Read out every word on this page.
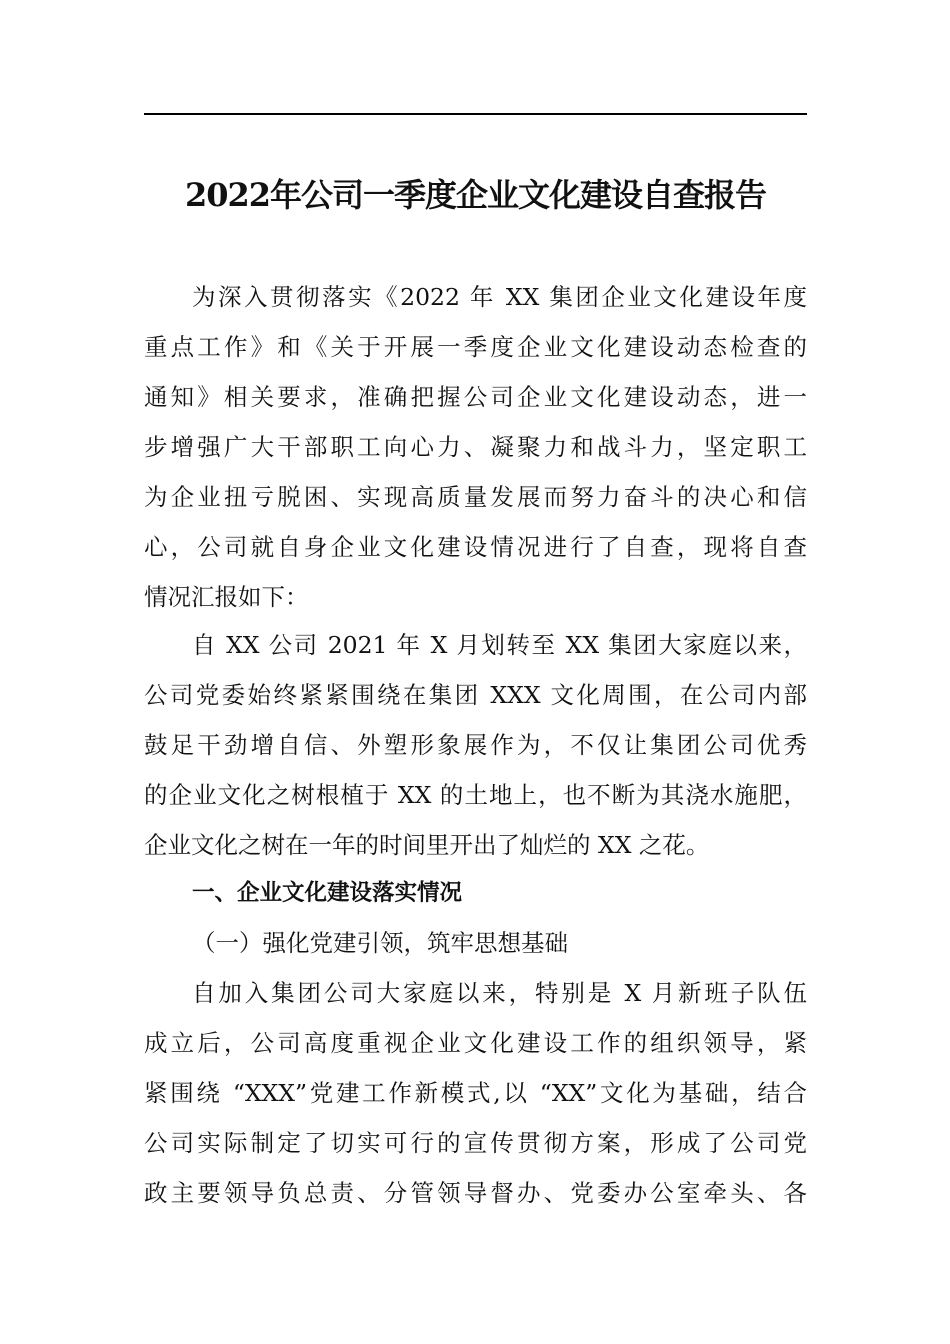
2022年公司一季度企业文化建设自查报告
为深入贯彻落实《2022 年 XX 集团企业文化建设年度
重点工作》和《关于开展一季度企业文化建设动态检查的
通知》相关要求，准确把握公司企业文化建设动态，进一
步增强广大干部职工向心力、凝聚力和战斗力，坚定职工
为企业扭亏脱困、实现高质量发展而努力奋斗的决心和信
心，公司就自身企业文化建设情况进行了自查，现将自查
情况汇报如下：
自 XX 公司 2021 年 X 月划转至 XX 集团大家庭以来，
公司党委始终紧紧围绕在集团 XXX 文化周围，在公司内部
鼓足干劲增自信、外塑形象展作为，不仅让集团公司优秀
的企业文化之树根植于 XX 的土地上，也不断为其浇水施肥，
企业文化之树在一年的时间里开出了灿烂的 XX 之花。
一、企业文化建设落实情况
（一）强化党建引领，筑牢思想基础
自加入集团公司大家庭以来，特别是 X 月新班子队伍
成立后，公司高度重视企业文化建设工作的组织领导，紧
紧围绕 “XXX”党建工作新模式,以 “XX”文化为基础，结合
公司实际制定了切实可行的宣传贯彻方案，形成了公司党
政主要领导负总责、分管领导督办、党委办公室牵头、各
